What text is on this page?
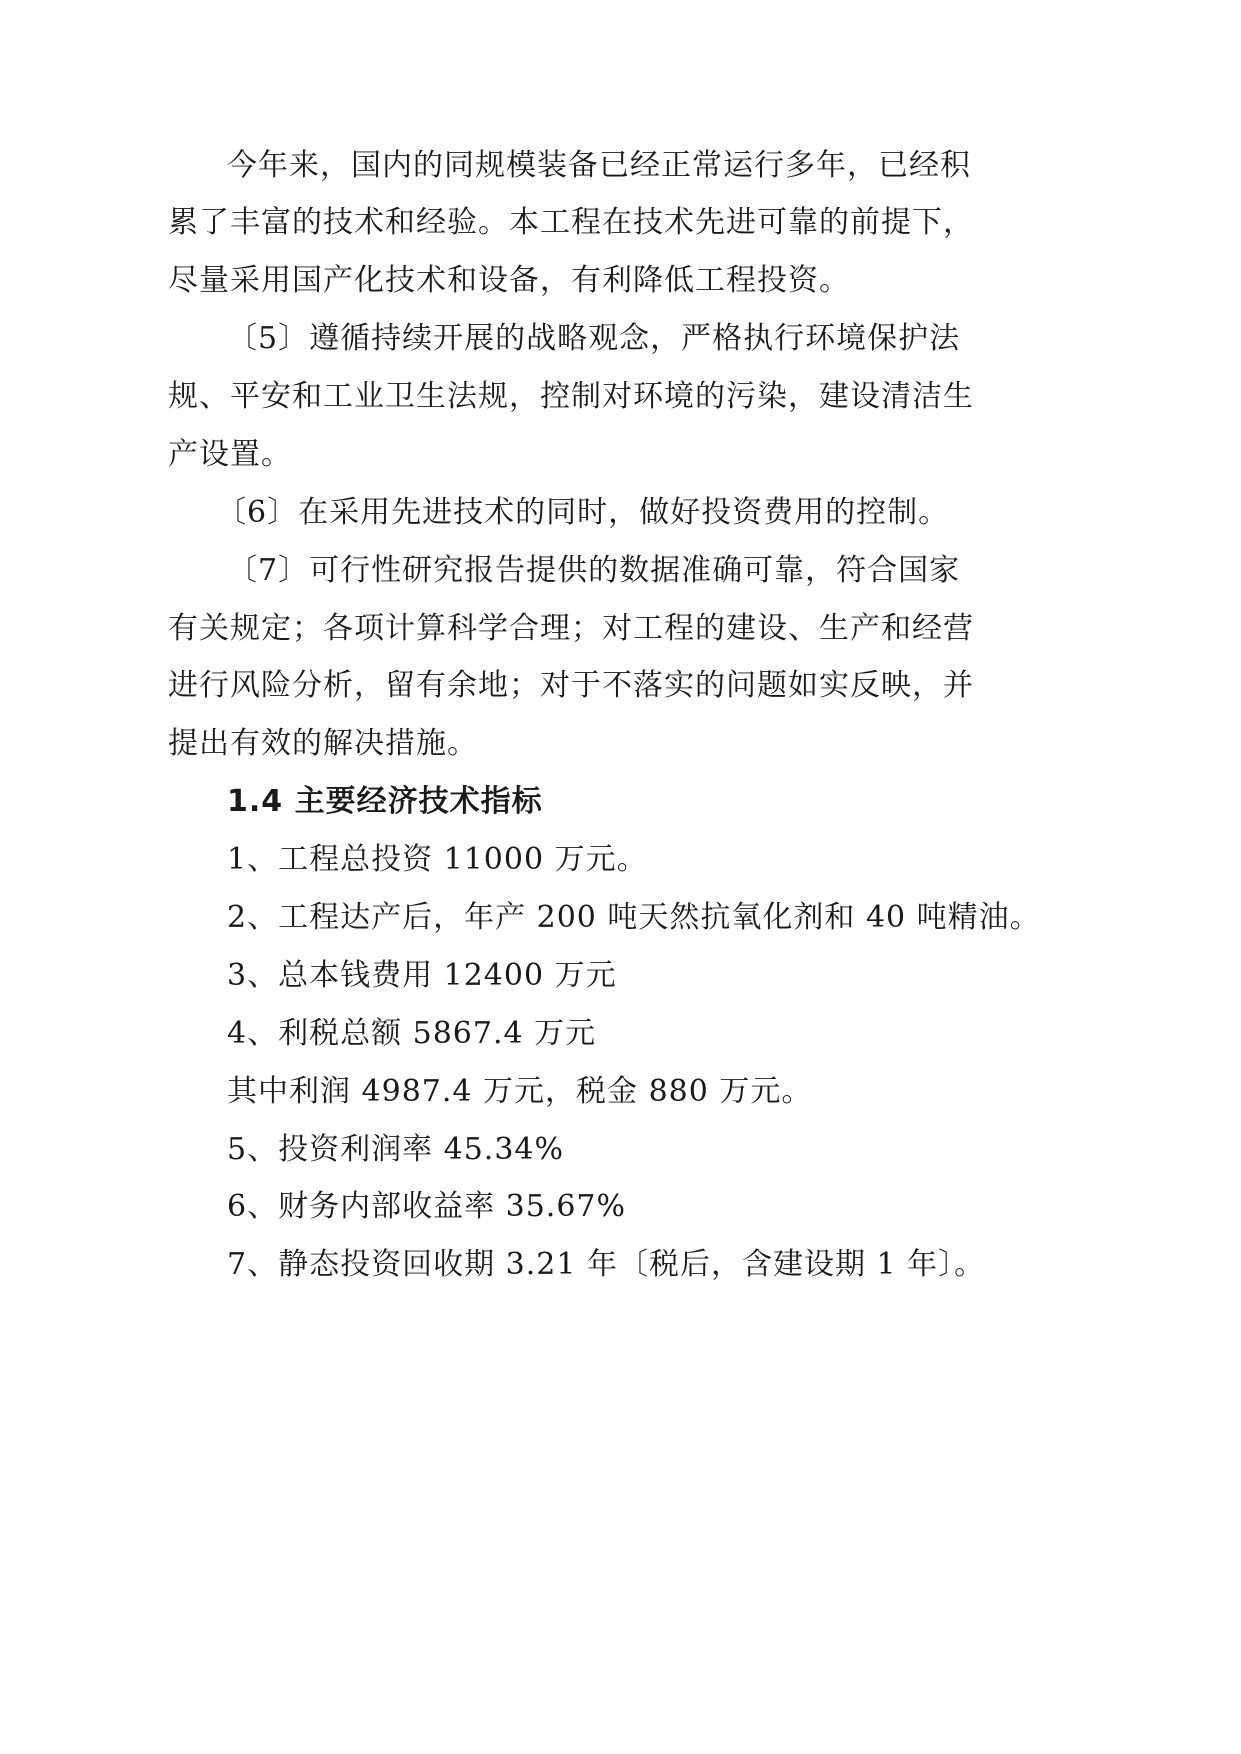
今年来，国内的同规模装备已经正常运行多年，已经积
累了丰富的技术和经验。本工程在技术先进可靠的前提下，
尽量采用国产化技术和设备，有利降低工程投资。
〔5〕遵循持续开展的战略观念，严格执行环境保护法
规、平安和工业卫生法规，控制对环境的污染，建设清洁生
产设置。
〔6〕在采用先进技术的同时，做好投资费用的控制。
〔7〕可行性研究报告提供的数据准确可靠，符合国家
有关规定；各项计算科学合理；对工程的建设、生产和经营
进行风险分析，留有余地；对于不落实的问题如实反映，并
提出有效的解决措施。
1.4 主要经济技术指标
1、工程总投资 11000 万元。
2、工程达产后，年产 200 吨天然抗氧化剂和 40 吨精油。
3、总本钱费用 12400 万元
4、利税总额 5867.4 万元
其中利润 4987.4 万元，税金 880 万元。
5、投资利润率 45.34%
6、财务内部收益率 35.67%
7、静态投资回收期 3.21 年〔税后，含建设期 1 年〕。
